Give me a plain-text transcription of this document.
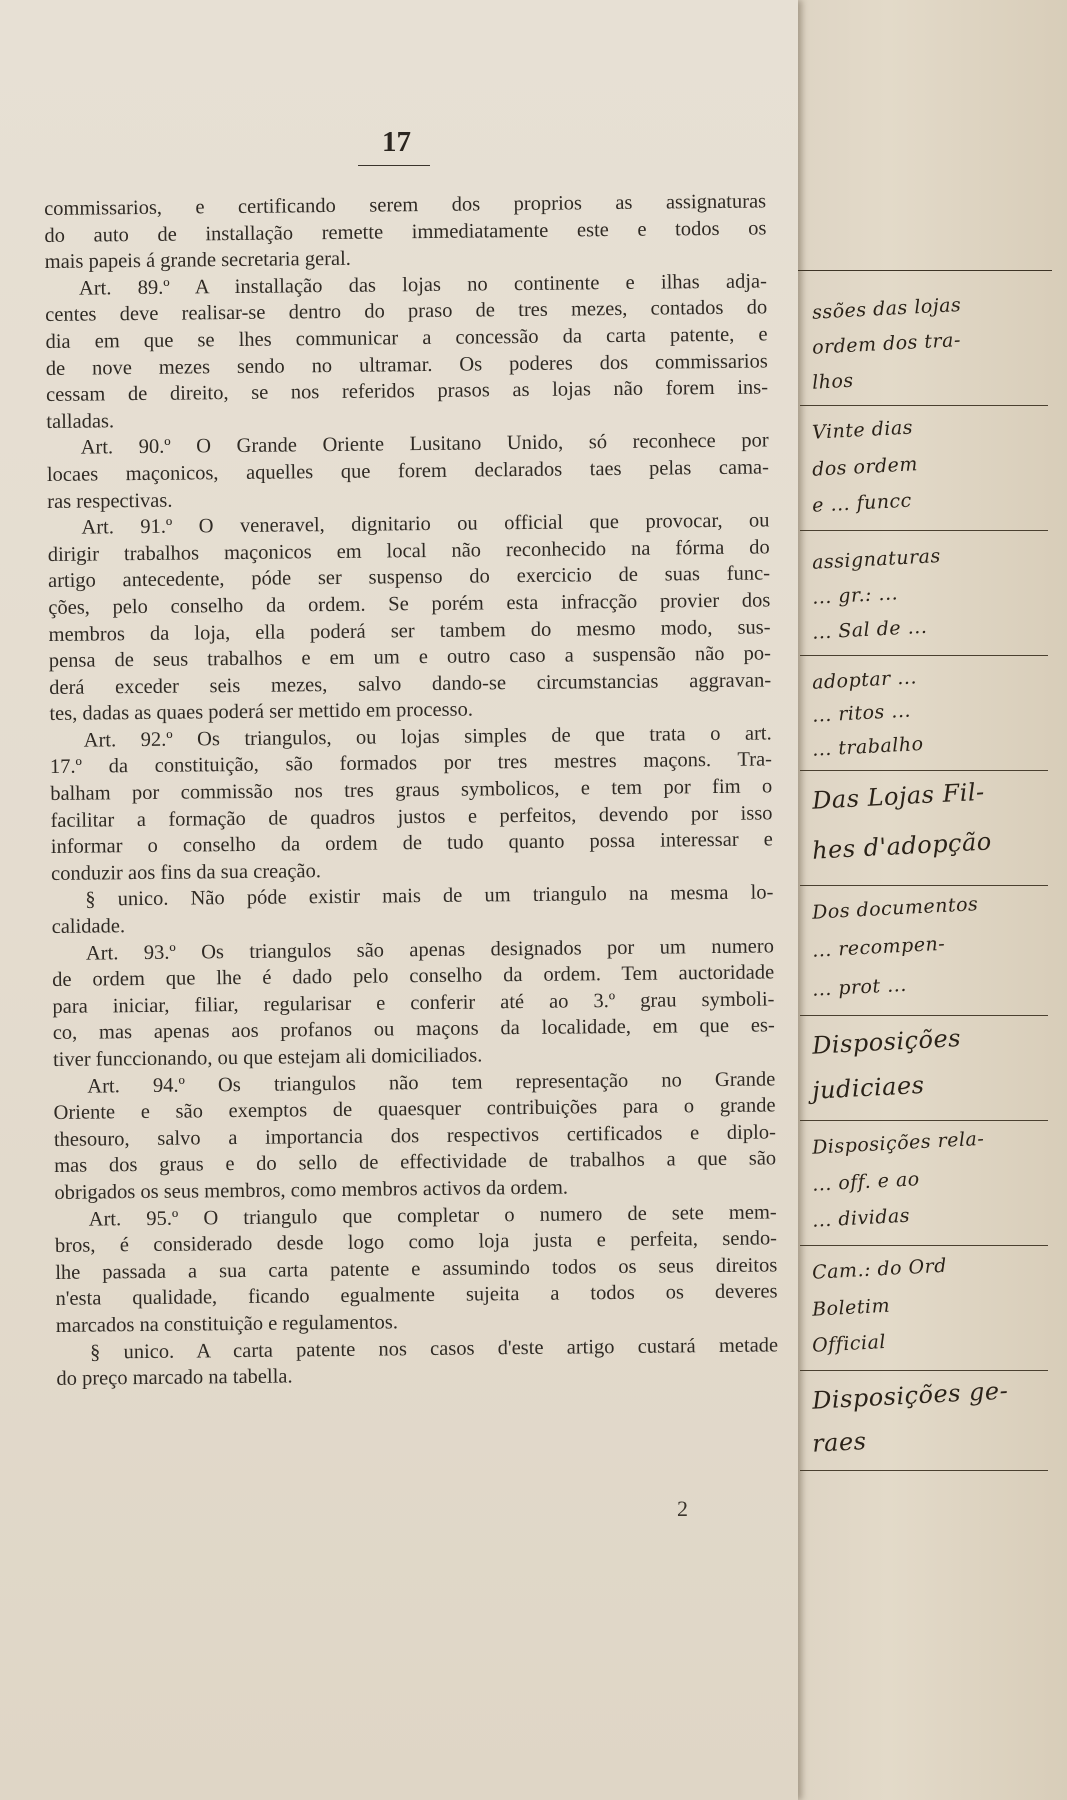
ssões das lojas
ordem dos tra-
lhos
Vinte dias
dos ordem
e ... funcc
assignaturas
... gr.: ...
... Sal de ...
adoptar ...
... ritos ...
... trabalho
Das Lojas Fil-
hes d'adopção
Dos documentos
... recompen-
... prot ...
Disposições
judiciaes
Disposições rela-
... off. e ao
... dividas
Cam.: do Ord
Boletim
Official
Disposições ge-
raes
17
commissarios, e certificando serem dos proprios as assignaturas
do auto de installação remette immediatamente este e todos os
mais papeis á grande secretaria geral.
Art. 89.º A installação das lojas no continente e ilhas adja-
centes deve realisar-se dentro do praso de tres mezes, contados do
dia em que se lhes communicar a concessão da carta patente, e
de nove mezes sendo no ultramar. Os poderes dos commissarios
cessam de direito, se nos referidos prasos as lojas não forem ins-
talladas.
Art. 90.º O Grande Oriente Lusitano Unido, só reconhece por
locaes maçonicos, aquelles que forem declarados taes pelas cama-
ras respectivas.
Art. 91.º O veneravel, dignitario ou official que provocar, ou
dirigir trabalhos maçonicos em local não reconhecido na fórma do
artigo antecedente, póde ser suspenso do exercicio de suas func-
ções, pelo conselho da ordem. Se porém esta infracção provier dos
membros da loja, ella poderá ser tambem do mesmo modo, sus-
pensa de seus trabalhos e em um e outro caso a suspensão não po-
derá exceder seis mezes, salvo dando-se circumstancias aggravan-
tes, dadas as quaes poderá ser mettido em processo.
Art. 92.º Os triangulos, ou lojas simples de que trata o art.
17.º da constituição, são formados por tres mestres maçons. Tra-
balham por commissão nos tres graus symbolicos, e tem por fim o
facilitar a formação de quadros justos e perfeitos, devendo por isso
informar o conselho da ordem de tudo quanto possa interessar e
conduzir aos fins da sua creação.
§ unico. Não póde existir mais de um triangulo na mesma lo-
calidade.
Art. 93.º Os triangulos são apenas designados por um numero
de ordem que lhe é dado pelo conselho da ordem. Tem auctoridade
para iniciar, filiar, regularisar e conferir até ao 3.º grau symboli-
co, mas apenas aos profanos ou maçons da localidade, em que es-
tiver funccionando, ou que estejam ali domiciliados.
Art. 94.º Os triangulos não tem representação no Grande
Oriente e são exemptos de quaesquer contribuições para o grande
thesouro, salvo a importancia dos respectivos certificados e diplo-
mas dos graus e do sello de effectividade de trabalhos a que são
obrigados os seus membros, como membros activos da ordem.
Art. 95.º O triangulo que completar o numero de sete mem-
bros, é considerado desde logo como loja justa e perfeita, sendo-
lhe passada a sua carta patente e assumindo todos os seus direitos
n'esta qualidade, ficando egualmente sujeita a todos os deveres
marcados na constituição e regulamentos.
§ unico. A carta patente nos casos d'este artigo custará metade
do preço marcado na tabella.
2
